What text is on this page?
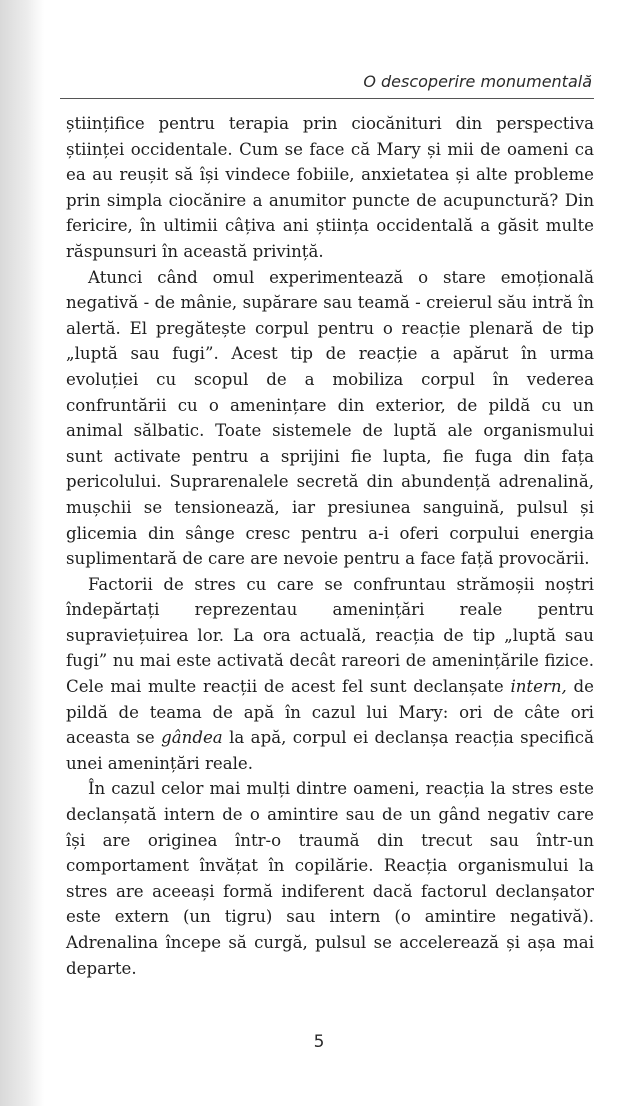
O descoperire monumentală

științifice pentru terapia prin ciocănituri din perspectiva științei occidentale. Cum se face că Mary și mii de oameni ca ea au reușit să își vindece fobiile, anxietatea și alte probleme prin simpla ciocănire a anumitor puncte de acupunctură? Din fericire, în ultimii câțiva ani știința occidentală a găsit multe răspunsuri în această privință.

Atunci când omul experimentează o stare emoțională negativă - de mânie, supărare sau teamă - creierul său intră în alertă. El pregătește corpul pentru o reacție plenară de tip „luptă sau fugi”. Acest tip de reacție a apărut în urma evoluției cu scopul de a mobiliza corpul în vederea confruntării cu o amenințare din exterior, de pildă cu un animal sălbatic. Toate sistemele de luptă ale organismului sunt activate pentru a sprijini fie lupta, fie fuga din fața pericolului. Suprarenalele secretă din abundență adrenalină, mușchii se tensionează, iar presiunea sanguină, pulsul și glicemia din sânge cresc pentru a-i oferi corpului energia suplimentară de care are nevoie pentru a face față provocării.

Factorii de stres cu care se confruntau strămoșii noștri îndepărtați reprezentau amenințări reale pentru supraviețuirea lor. La ora actuală, reacția de tip „luptă sau fugi” nu mai este activată decât rareori de amenințările fizice. Cele mai multe reacții de acest fel sunt declanșate intern, de pildă de teama de apă în cazul lui Mary: ori de câte ori aceasta se gândea la apă, corpul ei declanșa reacția specifică unei amenințări reale.

În cazul celor mai mulți dintre oameni, reacția la stres este declanșată intern de o amintire sau de un gând negativ care își are originea într-o traumă din trecut sau într-un comportament învățat în copilărie. Reacția organismului la stres are aceeași formă indiferent dacă factorul declanșator este extern (un tigru) sau intern (o amintire negativă). Adrenalina începe să curgă, pulsul se accelerează și așa mai departe.

5
